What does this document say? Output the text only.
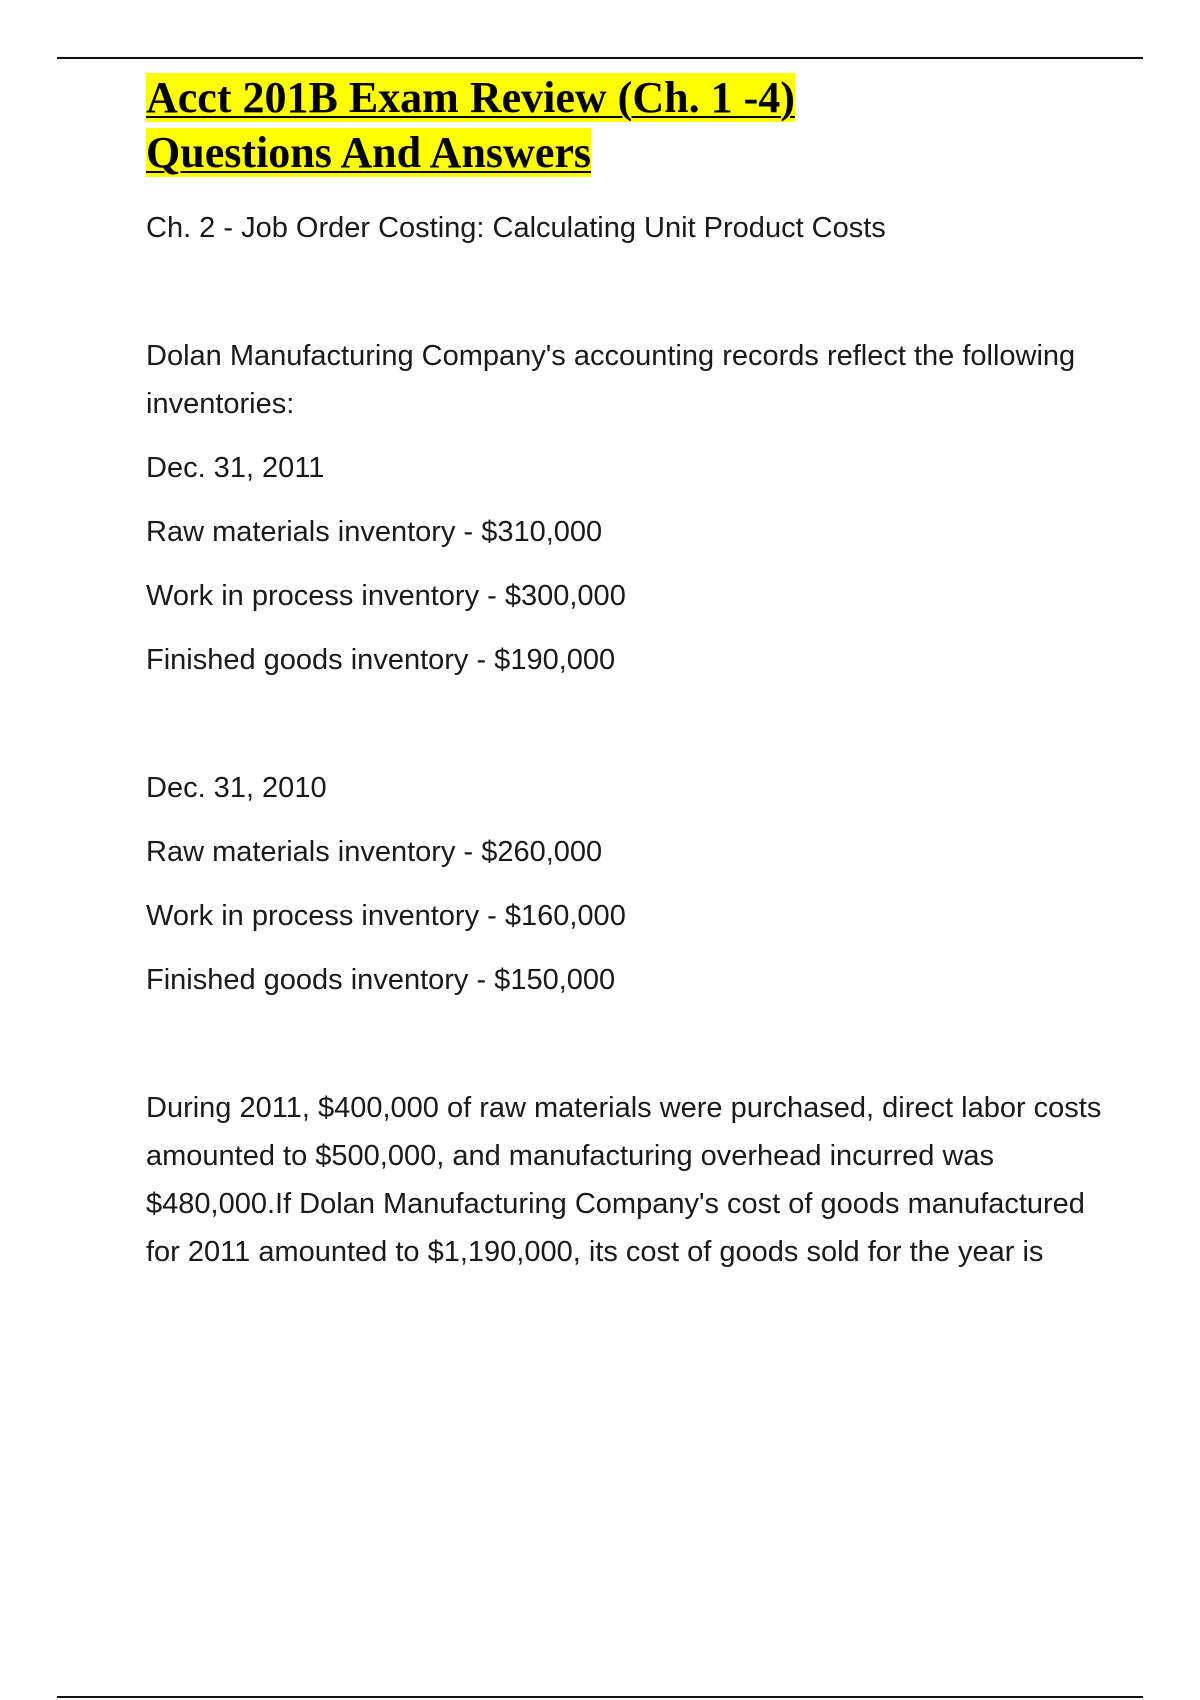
Acct 201B Exam Review (Ch. 1 -4)
Questions And Answers

Ch. 2 - Job Order Costing: Calculating Unit Product Costs

Dolan Manufacturing Company's accounting records reflect the following inventories:

Dec. 31, 2011

Raw materials inventory - $310,000

Work in process inventory - $300,000

Finished goods inventory - $190,000

Dec. 31, 2010

Raw materials inventory - $260,000

Work in process inventory - $160,000

Finished goods inventory - $150,000

During 2011, $400,000 of raw materials were purchased, direct labor costs amounted to $500,000, and manufacturing overhead incurred was $480,000.If Dolan Manufacturing Company's cost of goods manufactured for 2011 amounted to $1,190,000, its cost of goods sold for the year is
